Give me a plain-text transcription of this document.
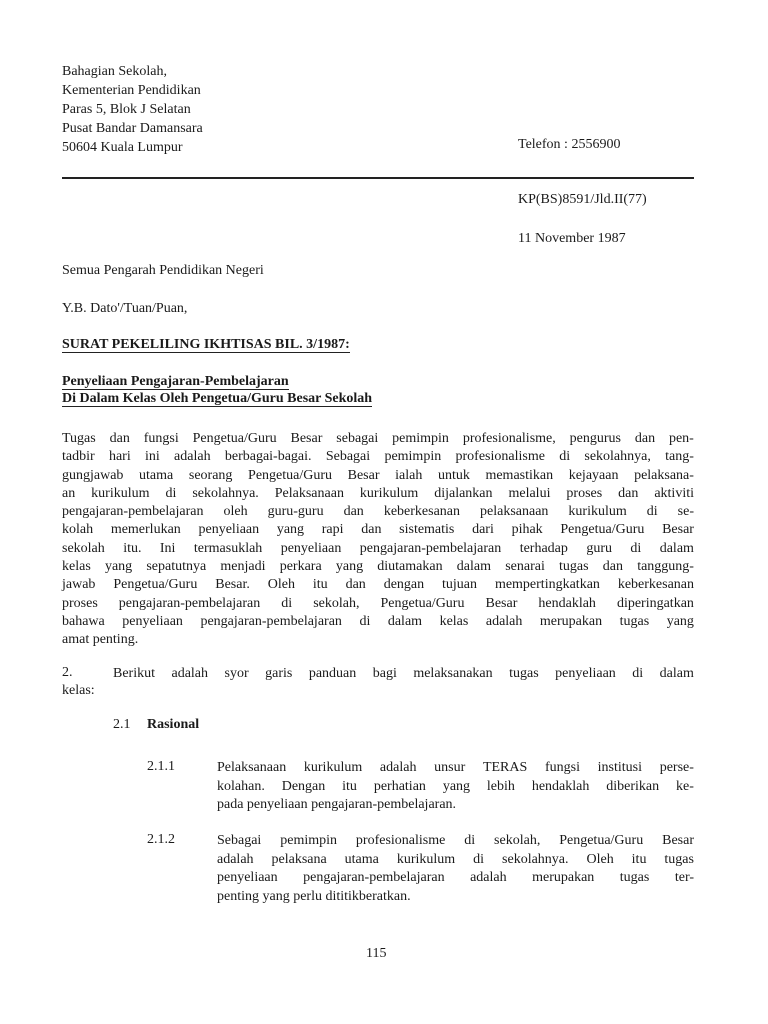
Bahagian Sekolah,
Kementerian Pendidikan
Paras 5, Blok J Selatan
Pusat Bandar Damansara
50604 Kuala Lumpur	Telefon : 2556900
KP(BS)8591/Jld.II(77)
11 November 1987
Semua Pengarah Pendidikan Negeri
Y.B. Dato'/Tuan/Puan,
SURAT PEKELILING IKHTISAS BIL. 3/1987:
Penyeliaan Pengajaran-Pembelajaran
Di Dalam Kelas Oleh Pengetua/Guru Besar Sekolah
Tugas dan fungsi Pengetua/Guru Besar sebagai pemimpin profesionalisme, pengurus dan pen-
tadbir hari ini adalah berbagai-bagai. Sebagai pemimpin profesionalisme di sekolahnya, tang-
gungjawab utama seorang Pengetua/Guru Besar ialah untuk memastikan kejayaan pelaksana-
an kurikulum di sekolahnya. Pelaksanaan kurikulum dijalankan melalui proses dan aktiviti
pengajaran-pembelajaran oleh guru-guru dan keberkesanan pelaksanaan kurikulum di se-
kolah memerlukan penyeliaan yang rapi dan sistematis dari pihak Pengetua/Guru Besar
sekolah itu. Ini termasuklah penyeliaan pengajaran-pembelajaran terhadap guru di dalam
kelas yang sepatutnya menjadi perkara yang diutamakan dalam senarai tugas dan tanggung-
jawab Pengetua/Guru Besar. Oleh itu dan dengan tujuan mempertingkatkan keberkesanan
proses pengajaran-pembelajaran di sekolah, Pengetua/Guru Besar hendaklah diperingatkan
bahawa penyeliaan pengajaran-pembelajaran di dalam kelas adalah merupakan tugas yang
amat penting.
2.	Berikut adalah syor garis panduan bagi melaksanakan tugas penyeliaan di dalam
kelas:
2.1 Rasional
2.1.1	Pelaksanaan kurikulum adalah unsur TERAS fungsi institusi perse-
kolahan. Dengan itu perhatian yang lebih hendaklah diberikan ke-
pada penyeliaan pengajaran-pembelajaran.
2.1.2	Sebagai pemimpin profesionalisme di sekolah, Pengetua/Guru Besar
adalah pelaksana utama kurikulum di sekolahnya. Oleh itu tugas
penyeliaan pengajaran-pembelajaran adalah merupakan tugas ter-
penting yang perlu dititikberatkan.
115
